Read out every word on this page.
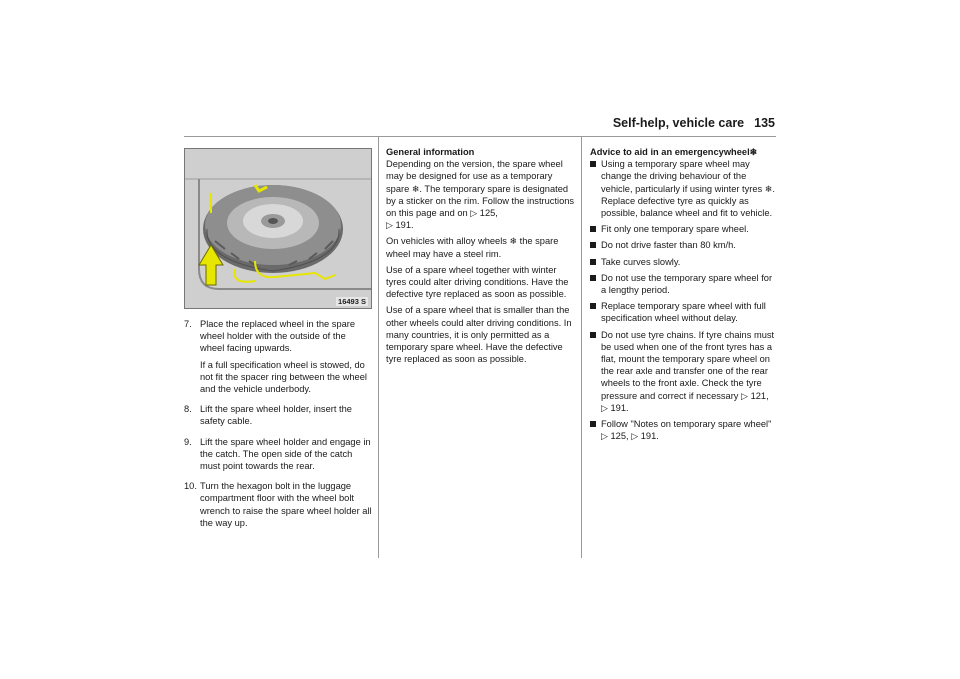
Self-help, vehicle care 135
16493 S
7. Place the replaced wheel in the spare wheel holder with the outside of the wheel facing upwards.

If a full specification wheel is stowed, do not fit the spacer ring between the wheel and the vehicle underbody.

8. Lift the spare wheel holder, insert the safety cable.

9. Lift the spare wheel holder and engage in the catch. The open side of the catch must point towards the rear.

10. Turn the hexagon bolt in the luggage compartment floor with the wheel bolt wrench to raise the spare wheel holder all the way up.

General information

Depending on the version, the spare wheel may be designed for use as a temporary spare ❄. The temporary spare is designated by a sticker on the rim. Follow the instructions on this page and on ▷ 125,
▷ 191.

On vehicles with alloy wheels ❄ the spare wheel may have a steel rim.

Use of a spare wheel together with winter tyres could alter driving conditions. Have the defective tyre replaced as soon as possible.

Use of a spare wheel that is smaller than the other wheels could alter driving conditions. In many countries, it is only permitted as a temporary spare wheel. Have the defective tyre replaced as soon as possible.

Advice to aid in an emergencywheel❄

Using a temporary spare wheel may change the driving behaviour of the vehicle, particularly if using winter tyres ❄. Replace defective tyre as quickly as possible, balance wheel and fit to vehicle.
Fit only one temporary spare wheel.
Do not drive faster than 80 km/h.
Take curves slowly.
Do not use the temporary spare wheel for a lengthy period.
Replace temporary spare wheel with full specification wheel without delay.
Do not use tyre chains. If tyre chains must be used when one of the front tyres has a flat, mount the temporary spare wheel on the rear axle and transfer one of the rear wheels to the front axle. Check the tyre pressure and correct if necessary ▷ 121, ▷ 191.
Follow "Notes on temporary spare wheel" ▷ 125, ▷ 191.
